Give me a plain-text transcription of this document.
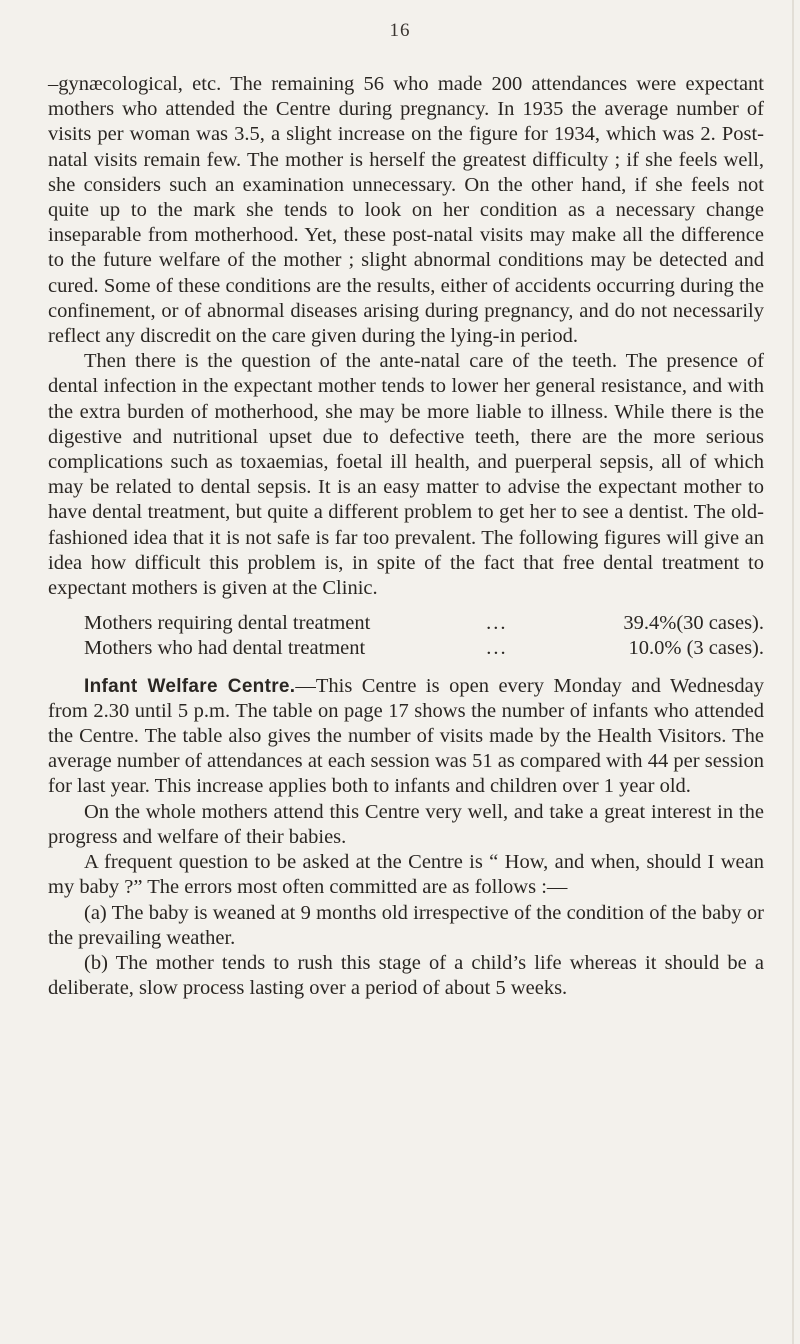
16

–gynæcological, etc. The remaining 56 who made 200 attendances were expectant mothers who attended the Centre during pregnancy. In 1935 the average number of visits per woman was 3.5, a slight increase on the figure for 1934, which was 2. Post-natal visits remain few. The mother is herself the greatest difficulty ; if she feels well, she considers such an examination unnecessary. On the other hand, if she feels not quite up to the mark she tends to look on her condition as a necessary change inseparable from motherhood. Yet, these post-natal visits may make all the difference to the future welfare of the mother ; slight abnormal conditions may be detected and cured. Some of these conditions are the results, either of accidents occurring during the confinement, or of abnormal diseases arising during pregnancy, and do not necessarily reflect any discredit on the care given during the lying-in period.

Then there is the question of the ante-natal care of the teeth. The presence of dental infection in the expectant mother tends to lower her general resistance, and with the extra burden of motherhood, she may be more liable to illness. While there is the digestive and nutritional upset due to defective teeth, there are the more serious complications such as toxaemias, foetal ill health, and puerperal sepsis, all of which may be related to dental sepsis. It is an easy matter to advise the expectant mother to have dental treatment, but quite a different problem to get her to see a dentist. The old-fashioned idea that it is not safe is far too prevalent. The following figures will give an idea how difficult this problem is, in spite of the fact that free dental treatment to expectant mothers is given at the Clinic.

Mothers requiring dental treatment	...	39.4%(30 cases).
Mothers who had dental treatment	...	10.0% (3 cases).

Infant Welfare Centre.—This Centre is open every Monday and Wednesday from 2.30 until 5 p.m. The table on page 17 shows the number of infants who attended the Centre. The table also gives the number of visits made by the Health Visitors. The average number of attendances at each session was 51 as compared with 44 per session for last year. This increase applies both to infants and children over 1 year old.

On the whole mothers attend this Centre very well, and take a great interest in the progress and welfare of their babies.

A frequent question to be asked at the Centre is “ How, and when, should I wean my baby ?” The errors most often committed are as follows :—

(a) The baby is weaned at 9 months old irrespective of the condition of the baby or the prevailing weather.

(b) The mother tends to rush this stage of a child’s life whereas it should be a deliberate, slow process lasting over a period of about 5 weeks.
